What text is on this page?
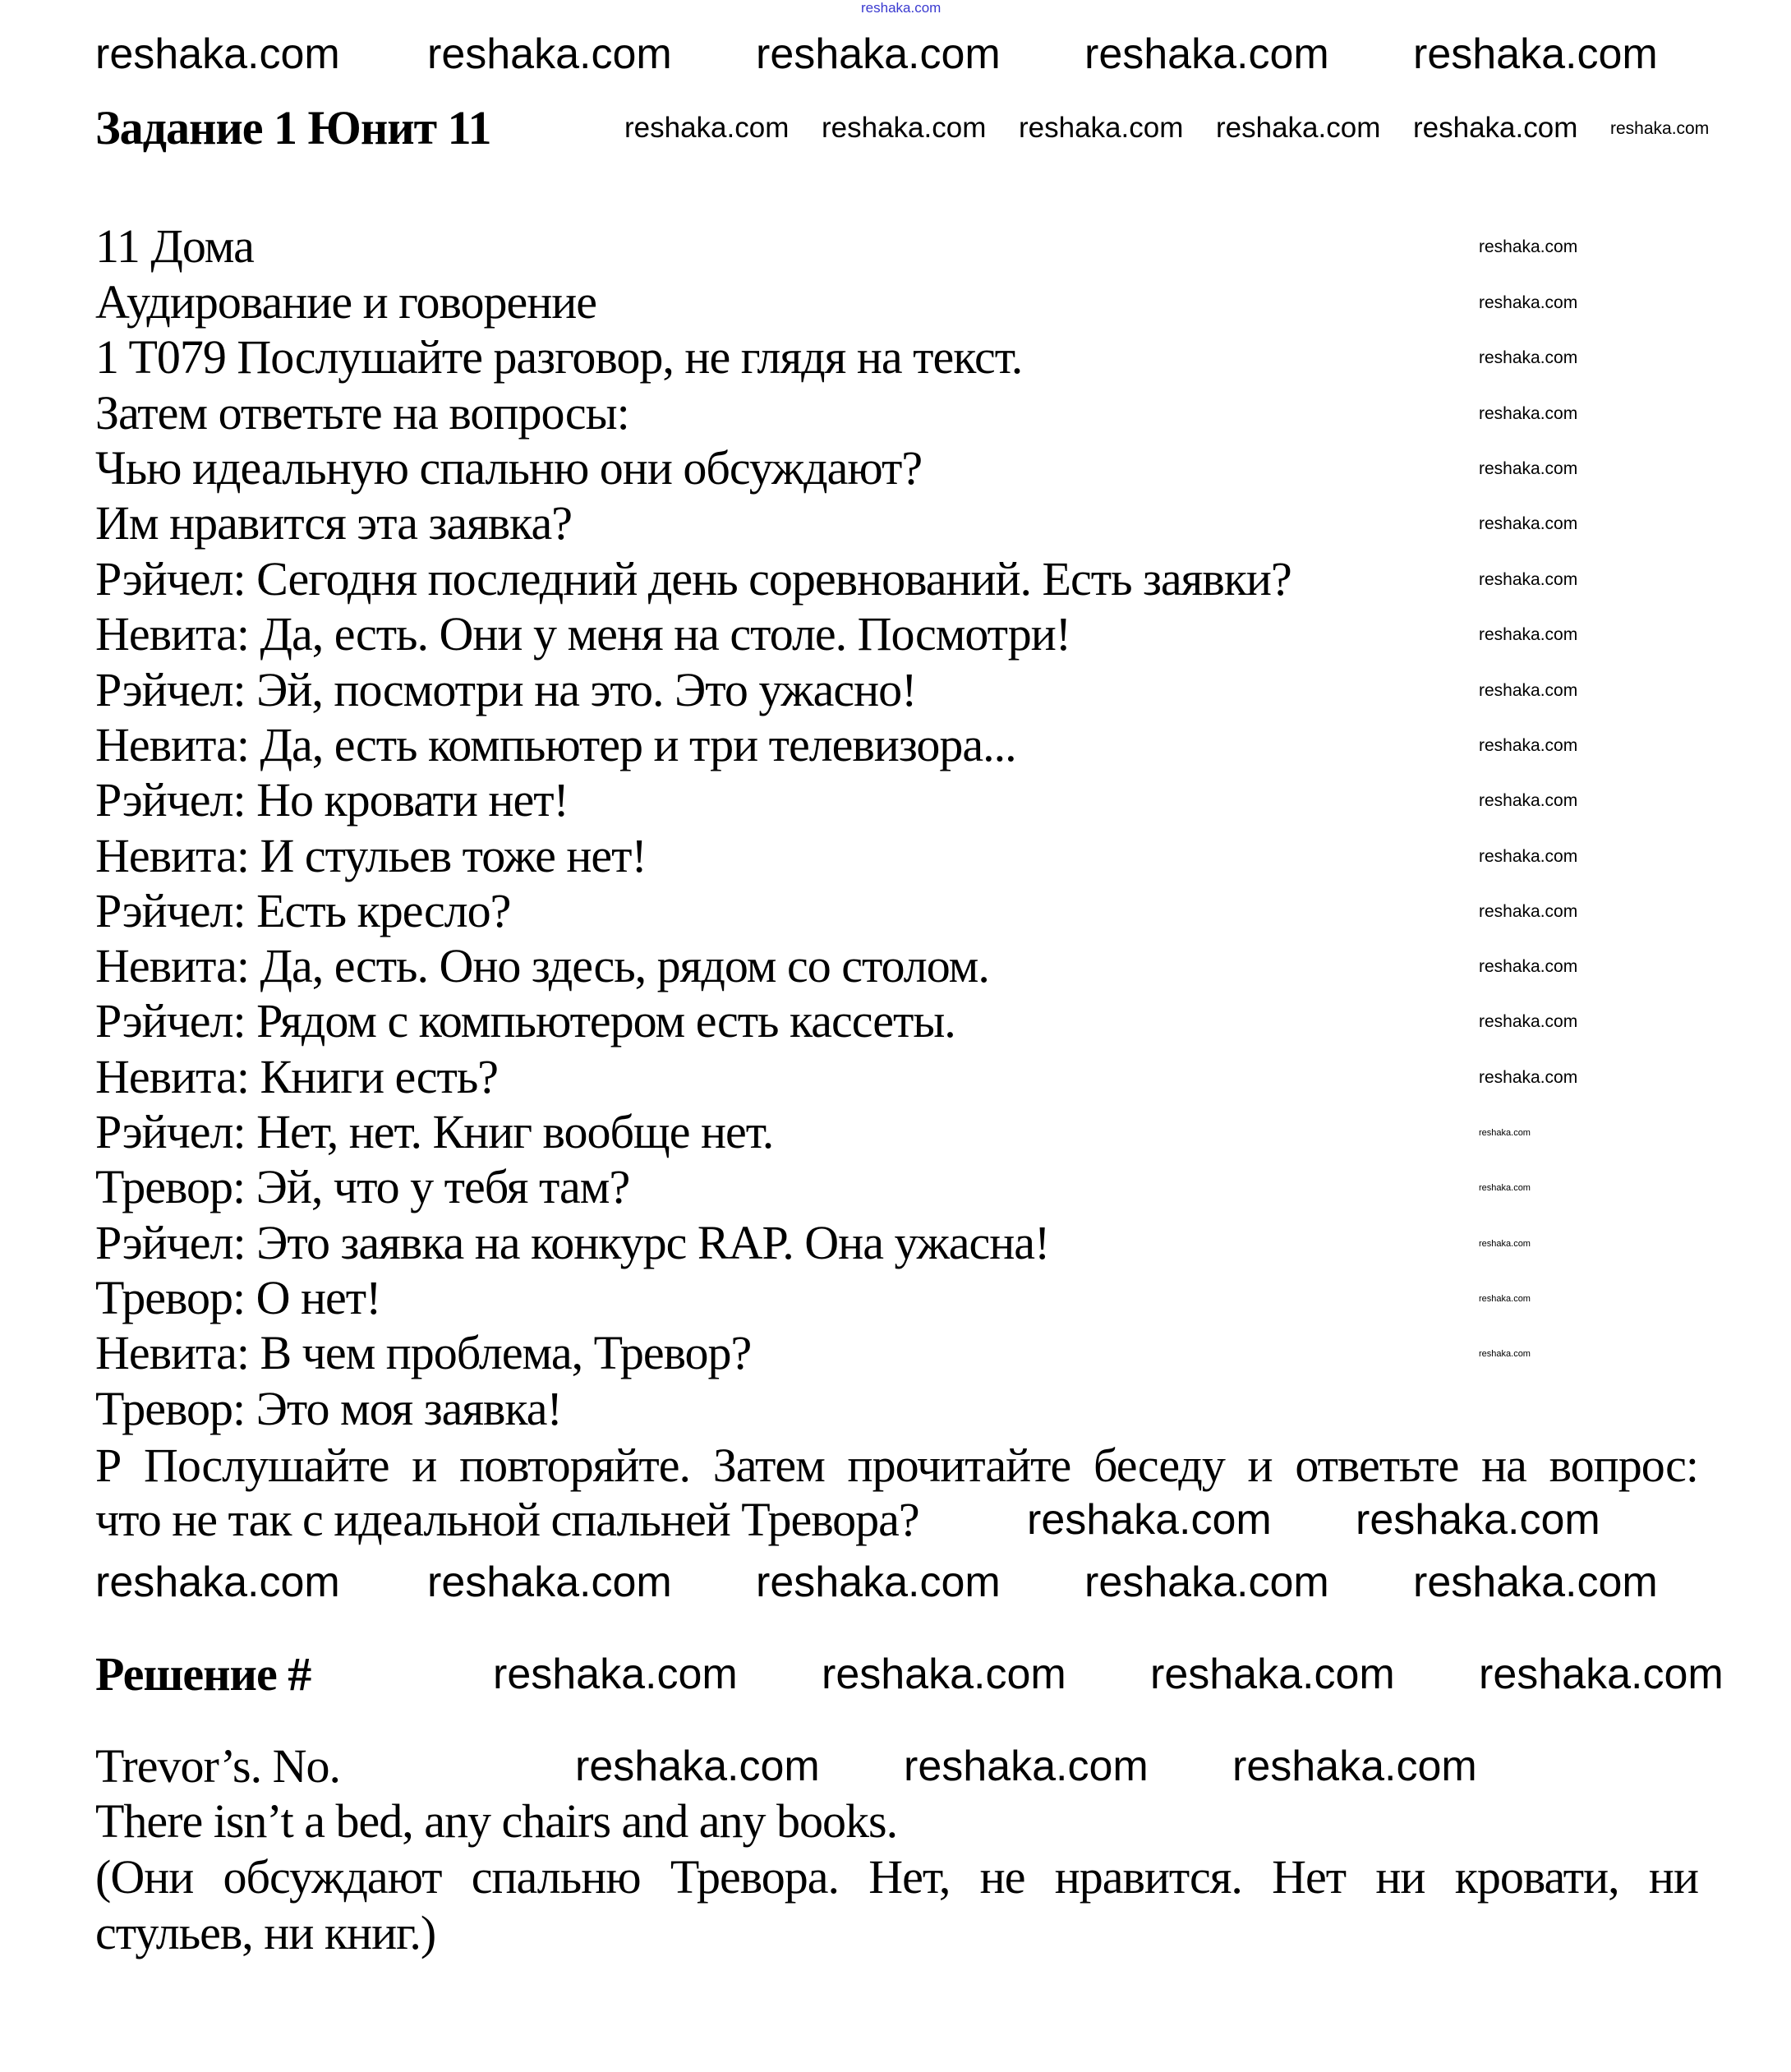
reshaka.com
Задание 1 Юнит 11
11 Дома
Аудирование и говорение
1 T079 Послушайте разговор, не глядя на текст.
Затем ответьте на вопросы:
Чью идеальную спальню они обсуждают?
Им нравится эта заявка?
Рэйчел: Сегодня последний день соревнований. Есть заявки?
Невита: Да, есть. Они у меня на столе. Посмотри!
Рэйчел: Эй, посмотри на это. Это ужасно!
Невита: Да, есть компьютер и три телевизора...
Рэйчел: Но кровати нет!
Невита: И стульев тоже нет!
Рэйчел: Есть кресло?
Невита: Да, есть. Оно здесь, рядом со столом.
Рэйчел: Рядом с компьютером есть кассеты.
Невита: Книги есть?
Рэйчел: Нет, нет. Книг вообще нет.
Тревор: Эй, что у тебя там?
Рэйчел: Это заявка на конкурс RAP. Она ужасна!
Тревор: О нет!
Невита: В чем проблема, Тревор?
Тревор: Это моя заявка!
Р Послушайте и повторяйте. Затем прочитайте беседу и ответьте на вопрос:
что не так с идеальной спальней Тревора?
Решение #
Trevor’s. No.
There isn’t a bed, any chairs and any books.
(Они обсуждают спальню Тревора. Нет, не нравится. Нет ни кровати, ни
стульев, ни книг.)
reshaka.com reshaka.com reshaka.com reshaka.com reshaka.com
reshaka.com reshaka.com reshaka.com reshaka.com reshaka.com reshaka.com
reshaka.com
reshaka.com
reshaka.com
reshaka.com
reshaka.com
reshaka.com
reshaka.com
reshaka.com
reshaka.com
reshaka.com
reshaka.com
reshaka.com
reshaka.com
reshaka.com
reshaka.com
reshaka.com
reshaka.com
reshaka.com
reshaka.com
reshaka.com
reshaka.com
reshaka.com reshaka.com
reshaka.com reshaka.com reshaka.com reshaka.com reshaka.com
reshaka.com reshaka.com reshaka.com reshaka.com
reshaka.com reshaka.com reshaka.com
